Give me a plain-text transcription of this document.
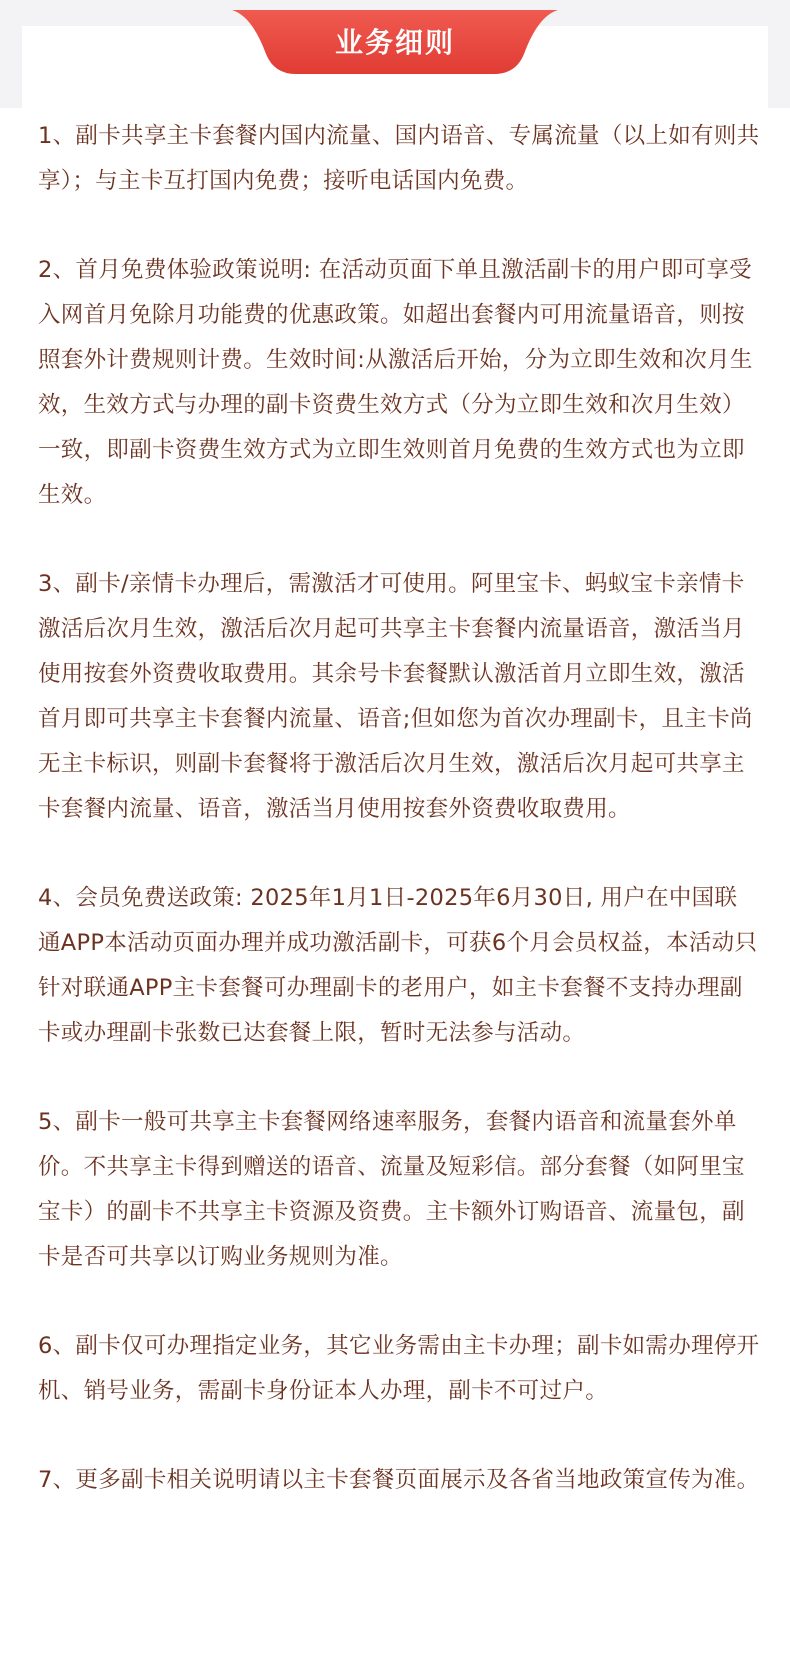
业务细则

1、副卡共享主卡套餐内国内流量、国内语音、专属流量（以上如有则共享）；与主卡互打国内免费；接听电话国内免费。

2、首月免费体验政策说明: 在活动页面下单且激活副卡的用户即可享受入网首月免除月功能费的优惠政策。如超出套餐内可用流量语音，则按照套外计费规则计费。生效时间:从激活后开始，分为立即生效和次月生效，生效方式与办理的副卡资费生效方式（分为立即生效和次月生效）一致，即副卡资费生效方式为立即生效则首月免费的生效方式也为立即生效。

3、副卡/亲情卡办理后，需激活才可使用。阿里宝卡、蚂蚁宝卡亲情卡激活后次月生效，激活后次月起可共享主卡套餐内流量语音，激活当月使用按套外资费收取费用。其余号卡套餐默认激活首月立即生效，激活首月即可共享主卡套餐内流量、语音;但如您为首次办理副卡，且主卡尚无主卡标识，则副卡套餐将于激活后次月生效，激活后次月起可共享主卡套餐内流量、语音，激活当月使用按套外资费收取费用。

4、会员免费送政策: 2025年1月1日-2025年6月30日, 用户在中国联通APP本活动页面办理并成功激活副卡，可获6个月会员权益，本活动只针对联通APP主卡套餐可办理副卡的老用户，如主卡套餐不支持办理副卡或办理副卡张数已达套餐上限，暂时无法参与活动。

5、副卡一般可共享主卡套餐网络速率服务，套餐内语音和流量套外单价。不共享主卡得到赠送的语音、流量及短彩信。部分套餐（如阿里宝宝卡）的副卡不共享主卡资源及资费。主卡额外订购语音、流量包，副卡是否可共享以订购业务规则为准。

6、副卡仅可办理指定业务，其它业务需由主卡办理；副卡如需办理停开机、销号业务，需副卡身份证本人办理，副卡不可过户。

7、更多副卡相关说明请以主卡套餐页面展示及各省当地政策宣传为准。
